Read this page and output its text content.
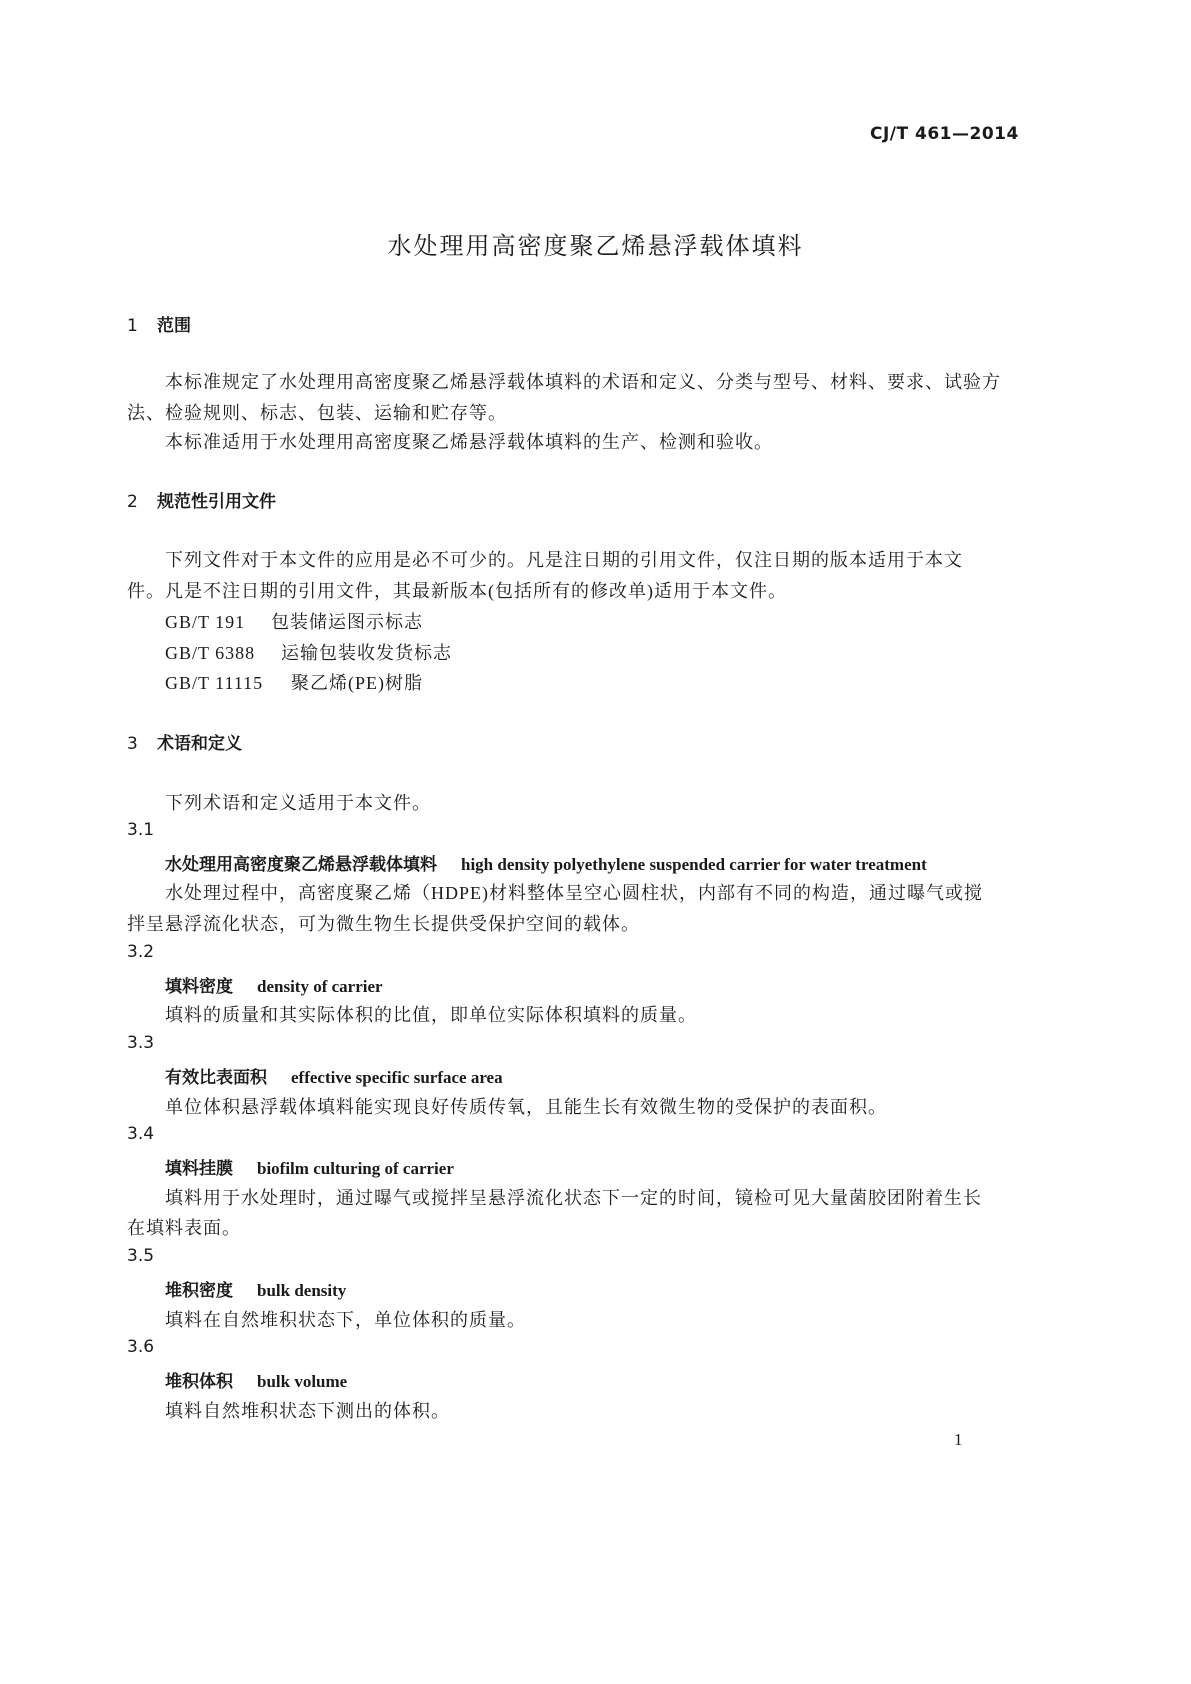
CJ/T 461—2014
水处理用高密度聚乙烯悬浮载体填料
1 范围
本标准规定了水处理用高密度聚乙烯悬浮载体填料的术语和定义、分类与型号、材料、要求、试验方
法、检验规则、标志、包装、运输和贮存等。
本标准适用于水处理用高密度聚乙烯悬浮载体填料的生产、检测和验收。
2 规范性引用文件
下列文件对于本文件的应用是必不可少的。凡是注日期的引用文件，仅注日期的版本适用于本文
件。凡是不注日期的引用文件，其最新版本(包括所有的修改单)适用于本文件。
GB/T 191 包装储运图示标志
GB/T 6388 运输包装收发货标志
GB/T 11115 聚乙烯(PE)树脂
3 术语和定义
下列术语和定义适用于本文件。
3.1
水处理用高密度聚乙烯悬浮载体填料 high density polyethylene suspended carrier for water treatment
水处理过程中，高密度聚乙烯（HDPE)材料整体呈空心圆柱状，内部有不同的构造，通过曝气或搅
拌呈悬浮流化状态，可为微生物生长提供受保护空间的载体。
3.2
填料密度 density of carrier
填料的质量和其实际体积的比值，即单位实际体积填料的质量。
3.3
有效比表面积 effective specific surface area
单位体积悬浮载体填料能实现良好传质传氧，且能生长有效微生物的受保护的表面积。
3.4
填料挂膜 biofilm culturing of carrier
填料用于水处理时，通过曝气或搅拌呈悬浮流化状态下一定的时间，镜检可见大量菌胶团附着生长
在填料表面。
3.5
堆积密度 bulk density
填料在自然堆积状态下，单位体积的质量。
3.6
堆积体积 bulk volume
填料自然堆积状态下测出的体积。
1
